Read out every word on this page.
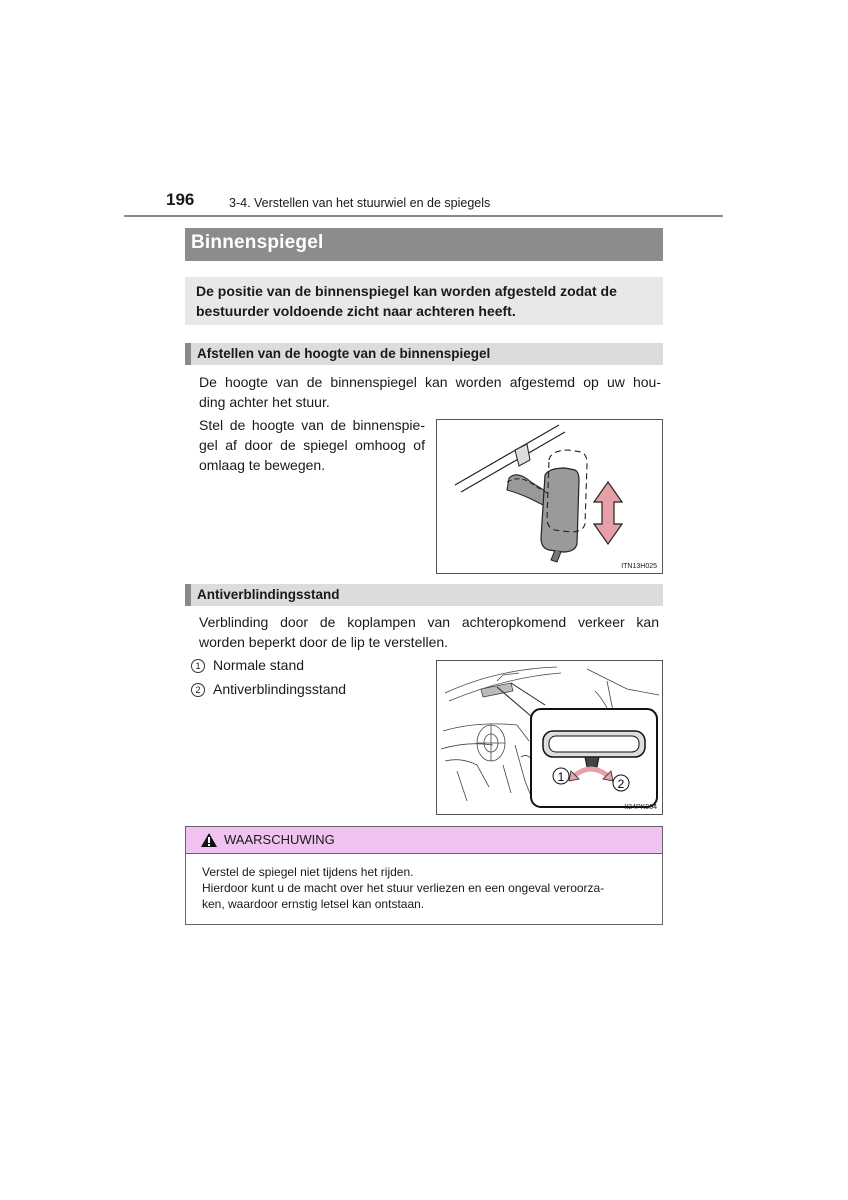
196	3-4. Verstellen van het stuurwiel en de spiegels
Binnenspiegel
De positie van de binnenspiegel kan worden afgesteld zodat de
bestuurder voldoende zicht naar achteren heeft.
Afstellen van de hoogte van de binnenspiegel
De hoogte van de binnenspiegel kan worden afgestemd op uw hou-
ding achter het stuur.
Stel de hoogte van de binnenspie-
gel af door de spiegel omhoog of
omlaag te bewegen.
ITN13H025
Antiverblindingsstand
Verblinding door de koplampen van achteropkomend verkeer kan
worden beperkt door de lip te verstellen.
1 Normale stand
2 Antiverblindingsstand
1	2
II34PK004
WAARSCHUWING
Verstel de spiegel niet tijdens het rijden.
Hierdoor kunt u de macht over het stuur verliezen en een ongeval veroorza-
ken, waardoor ernstig letsel kan ontstaan.
